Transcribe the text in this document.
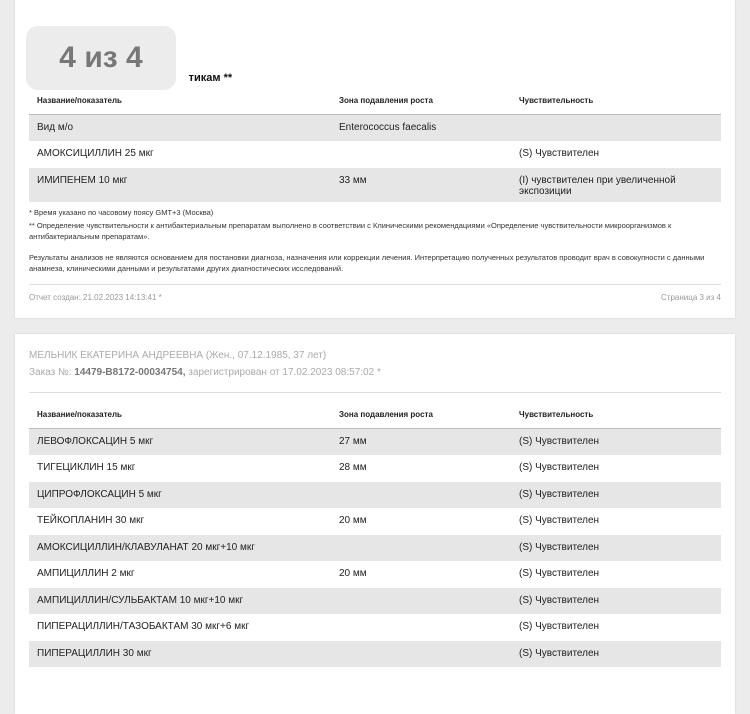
тикам **
Название/показатель	Зона подавления роста	Чувствительность
Вид м/о	Enterococcus faecalis	
АМОКСИЦИЛЛИН 25 мкг		(S) Чувствителен
ИМИПЕНЕМ 10 мкг	33 мм	(I) чувствителен при увеличенной экспозиции
* Время указано по часовому поясу GMT+3 (Москва)
** Определение чувствительности к антибактериальным препаратам выполнено в соответствии с Клиническими рекомендациями «Определение чувствительности микроорганизмов к антибактериальным препаратам».
Результаты анализов не являются основанием для постановки диагноза, назначения или коррекции лечения. Интерпретацию полученных результатов проводит врач в совокупности с данными анамнеза, клиническими данными и результатами других диагностических исследований.
Отчет создан: 21.02.2023 14:13:41 *	Страница 3 из 4
4 из 4
МЕЛЬНИК ЕКАТЕРИНА АНДРЕЕВНА (Жен., 07.12.1985, 37 лет)
Заказ №: 14479-B8172-00034754, зарегистрирован от 17.02.2023 08:57:02 *
Название/показатель	Зона подавления роста	Чувствительность
ЛЕВОФЛОКСАЦИН 5 мкг	27 мм	(S) Чувствителен
ТИГЕЦИКЛИН 15 мкг	28 мм	(S) Чувствителен
ЦИПРОФЛОКСАЦИН 5 мкг		(S) Чувствителен
ТЕЙКОПЛАНИН 30 мкг	20 мм	(S) Чувствителен
АМОКСИЦИЛЛИН/КЛАВУЛАНАТ 20 мкг+10 мкг		(S) Чувствителен
АМПИЦИЛЛИН 2 мкг	20 мм	(S) Чувствителен
АМПИЦИЛЛИН/СУЛЬБАКТАМ 10 мкг+10 мкг		(S) Чувствителен
ПИПЕРАЦИЛЛИН/ТАЗОБАКТАМ 30 мкг+6 мкг		(S) Чувствителен
ПИПЕРАЦИЛЛИН 30 мкг		(S) Чувствителен
